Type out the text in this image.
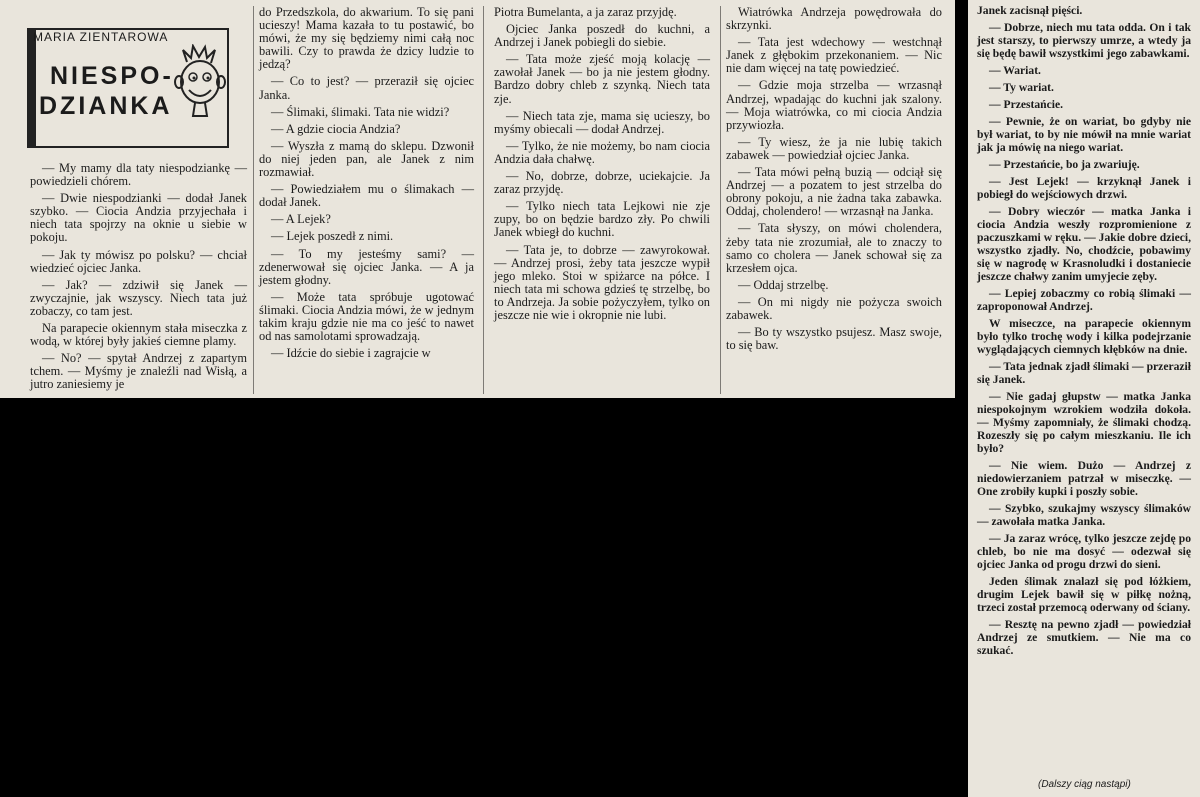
MARIA ZIENTAROWA
NIESPO-
DZIANKA

— My mamy dla taty niespodziankę — powiedzieli chórem.

— Dwie niespodzianki — dodał Janek szybko. — Ciocia Andzia przyjechała i niech tata spojrzy na oknie u siebie w pokoju.

— Jak ty mówisz po polsku? — chciał wiedzieć ojciec Janka.

— Jak? — zdziwił się Janek — zwyczajnie, jak wszyscy. Niech tata już zobaczy, co tam jest.

Na parapecie okiennym stała miseczka z wodą, w której były jakieś ciemne plamy.

— No? — spytał Andrzej z zapartym tchem. — Myśmy je znaleźli nad Wisłą, a jutro zaniesiemy je

do Przedszkola, do akwarium. To się pani ucieszy! Mama kazała to tu postawić, bo mówi, że my się będziemy nimi całą noc bawili. Czy to prawda że dzicy ludzie to jedzą?

— Co to jest? — przeraził się ojciec Janka.

— Ślimaki, ślimaki. Tata nie widzi?

— A gdzie ciocia Andzia?

— Wyszła z mamą do sklepu. Dzwonił do niej jeden pan, ale Janek z nim rozmawiał.

— Powiedziałem mu o ślimakach — dodał Janek.

— A Lejek?

— Lejek poszedł z nimi.

— To my jesteśmy sami? — zdenerwował się ojciec Janka. — A ja jestem głodny.

— Może tata spróbuje ugotować ślimaki. Ciocia Andzia mówi, że w jednym takim kraju gdzie nie ma co jeść to nawet od nas samolotami sprowadzają.

— Idźcie do siebie i zagrajcie w

Piotra Bumelanta, a ja zaraz przyjdę.

Ojciec Janka poszedł do kuchni, a Andrzej i Janek pobiegli do siebie.

— Tata może zjeść moją kolację — zawołał Janek — bo ja nie jestem głodny. Bardzo dobry chleb z szynką. Niech tata zje.

— Niech tata zje, mama się ucieszy, bo myśmy obiecali — dodał Andrzej.

— Tylko, że nie możemy, bo nam ciocia Andzia dała chałwę.

— No, dobrze, dobrze, uciekajcie. Ja zaraz przyjdę.

— Tylko niech tata Lejkowi nie zje zupy, bo on będzie bardzo zły. Po chwili Janek wbiegł do kuchni.

— Tata je, to dobrze — zawyrokował. — Andrzej prosi, żeby tata jeszcze wypił jego mleko. Stoi w spiżarce na półce. I niech tata mi schowa gdzieś tę strzelbę, bo to Andrzeja. Ja sobie pożyczyłem, tylko on jeszcze nie wie i okropnie nie lubi.

Wiatrówka Andrzeja powędrowała do skrzynki.

— Tata jest wdechowy — westchnął Janek z głębokim przekonaniem. — Nic nie dam więcej na tatę powiedzieć.

— Gdzie moja strzelba — wrzasnął Andrzej, wpadając do kuchni jak szalony. — Moja wiatrówka, co mi ciocia Andzia przywiozła.

— Ty wiesz, że ja nie lubię takich zabawek — powiedział ojciec Janka.

— Tata mówi pełną buzią — odciął się Andrzej — a pozatem to jest strzelba do obrony pokoju, a nie żadna taka zabawka. Oddaj, cholendero! — wrzasnął na Janka.

— Tata słyszy, on mówi cholendera, żeby tata nie zrozumiał, ale to znaczy to samo co cholera — Janek schował się za krzesłem ojca.

— Oddaj strzelbę.

— On mi nigdy nie pożycza swoich zabawek.

— Bo ty wszystko psujesz. Masz swoje, to się baw.

Janek zacisnął pięści.

— Dobrze, niech mu tata odda. On i tak jest starszy, to pierwszy umrze, a wtedy ja się będę bawił wszystkimi jego zabawkami.

— Wariat.

— Ty wariat.

— Przestańcie.

— Pewnie, że on wariat, bo gdyby nie był wariat, to by nie mówił na mnie wariat jak ja mówię na niego wariat.

— Przestańcie, bo ja zwariuję.

— Jest Lejek! — krzyknął Janek i pobiegł do wejściowych drzwi.

— Dobry wieczór — matka Janka i ciocia Andzia weszły rozpromienione z paczuszkami w ręku. — Jakie dobre dzieci, wszystko zjadły. No, chodźcie, pobawimy się w nagrodę w Krasnoludki i dostaniecie jeszcze chałwy zanim umyjecie zęby.

— Lepiej zobaczmy co robią ślimaki — zaproponował Andrzej.

W miseczce, na parapecie okiennym było tylko trochę wody i kilka podejrzanie wyglądających ciemnych kłębków na dnie.

— Tata jednak zjadł ślimaki — przeraził się Janek.

— Nie gadaj głupstw — matka Janka niespokojnym wzrokiem wodziła dokoła. — Myśmy zapomniały, że ślimaki chodzą. Rozeszły się po całym mieszkaniu. Ile ich było?

— Nie wiem. Dużo — Andrzej z niedowierzaniem patrzał w miseczkę. — One zrobiły kupki i poszły sobie.

— Szybko, szukajmy wszyscy ślimaków — zawołała matka Janka.

— Ja zaraz wrócę, tylko jeszcze zejdę po chleb, bo nie ma dosyć — odezwał się ojciec Janka od progu drzwi do sieni.

Jeden ślimak znalazł się pod łóżkiem, drugim Lejek bawił się w piłkę nożną, trzeci został przemocą oderwany od ściany.

— Resztę na pewno zjadł — powiedział Andrzej ze smutkiem. — Nie ma co szukać.

(Dalszy ciąg nastąpi)
